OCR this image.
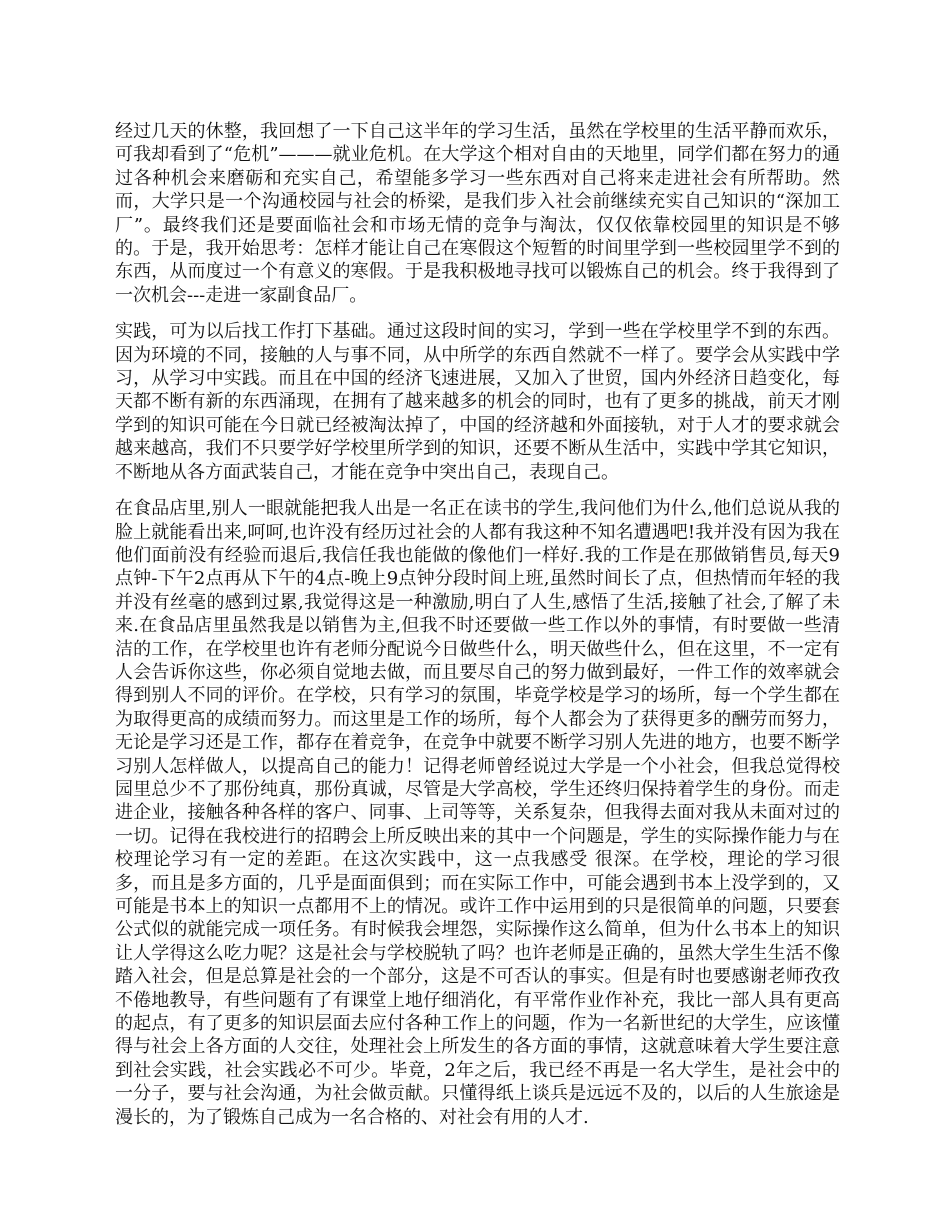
经过几天的休整，我回想了一下自己这半年的学习生活，虽然在学校里的生活平静而欢乐，可我却看到了“危机”———就业危机。在大学这个相对自由的天地里，同学们都在努力的通过各种机会来磨砺和充实自己，希望能多学习一些东西对自己将来走进社会有所帮助。然而，大学只是一个沟通校园与社会的桥梁，是我们步入社会前继续充实自己知识的“深加工厂”。最终我们还是要面临社会和市场无情的竞争与淘汰，仅仅依靠校园里的知识是不够的。于是，我开始思考：怎样才能让自己在寒假这个短暂的时间里学到一些校园里学不到的东西，从而度过一个有意义的寒假。于是我积极地寻找可以锻炼自己的机会。终于我得到了一次机会---走进一家副食品厂。

实践，可为以后找工作打下基础。通过这段时间的实习，学到一些在学校里学不到的东西。因为环境的不同，接触的人与事不同，从中所学的东西自然就不一样了。要学会从实践中学习，从学习中实践。而且在中国的经济飞速进展，又加入了世贸，国内外经济日趋变化，每天都不断有新的东西涌现，在拥有了越来越多的机会的同时，也有了更多的挑战，前天才刚学到的知识可能在今日就已经被淘汰掉了，中国的经济越和外面接轨，对于人才的要求就会越来越高，我们不只要学好学校里所学到的知识，还要不断从生活中，实践中学其它知识，不断地从各方面武装自己，才能在竞争中突出自己，表现自己。

在食品店里,别人一眼就能把我人出是一名正在读书的学生,我问他们为什么,他们总说从我的脸上就能看出来,呵呵,也许没有经历过社会的人都有我这种不知名遭遇吧!我并没有因为我在他们面前没有经验而退后,我信任我也能做的像他们一样好.我的工作是在那做销售员,每天9点钟-下午2点再从下午的4点-晚上9点钟分段时间上班,虽然时间长了点，但热情而年轻的我并没有丝毫的感到过累,我觉得这是一种激励,明白了人生,感悟了生活,接触了社会,了解了未来.在食品店里虽然我是以销售为主,但我不时还要做一些工作以外的事情，有时要做一些清洁的工作，在学校里也许有老师分配说今日做些什么，明天做些什么，但在这里，不一定有人会告诉你这些，你必须自觉地去做，而且要尽自己的努力做到最好，一件工作的效率就会得到别人不同的评价。在学校，只有学习的氛围，毕竟学校是学习的场所，每一个学生都在为取得更高的成绩而努力。而这里是工作的场所，每个人都会为了获得更多的酬劳而努力，无论是学习还是工作，都存在着竞争，在竞争中就要不断学习别人先进的地方，也要不断学习别人怎样做人，以提高自己的能力！记得老师曾经说过大学是一个小社会，但我总觉得校园里总少不了那份纯真，那份真诚，尽管是大学高校，学生还终归保持着学生的身份。而走进企业，接触各种各样的客户、同事、上司等等，关系复杂，但我得去面对我从未面对过的一切。记得在我校进行的招聘会上所反映出来的其中一个问题是，学生的实际操作能力与在校理论学习有一定的差距。在这次实践中，这一点我感受 很深。在学校，理论的学习很多，而且是多方面的，几乎是面面俱到；而在实际工作中，可能会遇到书本上没学到的，又可能是书本上的知识一点都用不上的情况。或许工作中运用到的只是很简单的问题，只要套公式似的就能完成一项任务。有时候我会埋怨，实际操作这么简单，但为什么书本上的知识让人学得这么吃力呢？这是社会与学校脱轨了吗？也许老师是正确的，虽然大学生生活不像踏入社会，但是总算是社会的一个部分，这是不可否认的事实。但是有时也要感谢老师孜孜不倦地教导，有些问题有了有课堂上地仔细消化，有平常作业作补充，我比一部人具有更高的起点，有了更多的知识层面去应付各种工作上的问题，作为一名新世纪的大学生，应该懂得与社会上各方面的人交往，处理社会上所发生的各方面的事情，这就意味着大学生要注意到社会实践，社会实践必不可少。毕竟，2年之后，我已经不再是一名大学生，是社会中的一分子，要与社会沟通，为社会做贡献。只懂得纸上谈兵是远远不及的，以后的人生旅途是漫长的，为了锻炼自己成为一名合格的、对社会有用的人才.
